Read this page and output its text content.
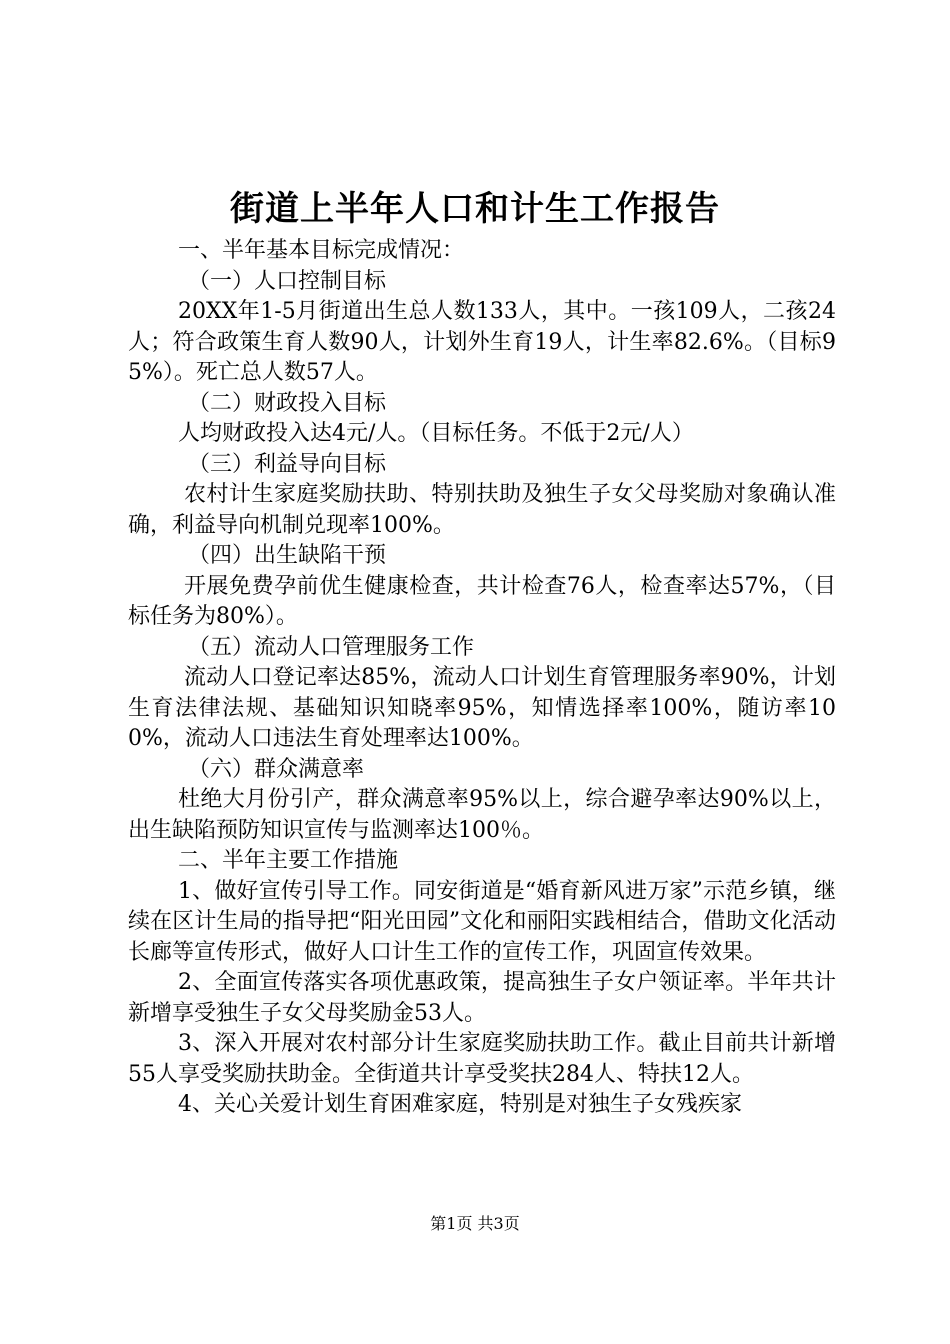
街道上半年人口和计生工作报告

一、半年基本目标完成情况：

（一）人口控制目标

20XX年1-5月街道出生总人数133人，其中。一孩109人，二孩24人；符合政策生育人数90人，计划外生育19人，计生率82.6%。（目标95%）。死亡总人数57人。

（二）财政投入目标

人均财政投入达4元/人。（目标任务。不低于2元/人）

（三）利益导向目标

农村计生家庭奖励扶助、特别扶助及独生子女父母奖励对象确认准确，利益导向机制兑现率100%。

（四）出生缺陷干预

开展免费孕前优生健康检查，共计检查76人，检查率达57%，（目标任务为80%）。

（五）流动人口管理服务工作

流动人口登记率达85%，流动人口计划生育管理服务率90%，计划生育法律法规、基础知识知晓率95%，知情选择率100%，随访率100%，流动人口违法生育处理率达100%。

（六）群众满意率

杜绝大月份引产，群众满意率95%以上，综合避孕率达90%以上，出生缺陷预防知识宣传与监测率达100％。

二、半年主要工作措施

1、做好宣传引导工作。同安街道是“婚育新风进万家”示范乡镇，继续在区计生局的指导把“阳光田园”文化和丽阳实践相结合，借助文化活动长廊等宣传形式，做好人口计生工作的宣传工作，巩固宣传效果。

2、全面宣传落实各项优惠政策，提高独生子女户领证率。半年共计新增享受独生子女父母奖励金53人。

3、深入开展对农村部分计生家庭奖励扶助工作。截止目前共计新增55人享受奖励扶助金。全街道共计享受奖扶284人、特扶12人。

4、关心关爱计划生育困难家庭，特别是对独生子女残疾家

第1页 共3页
